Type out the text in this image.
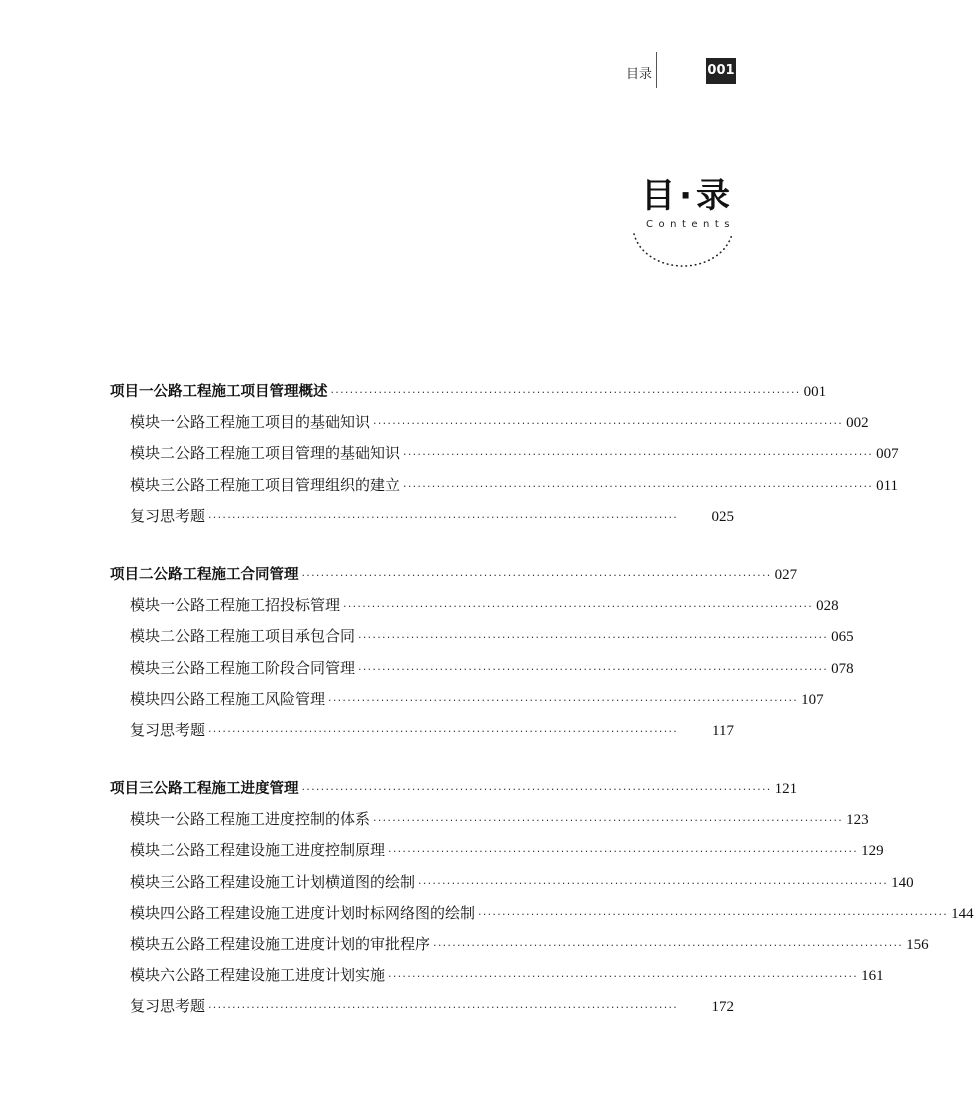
目录	001
目·录
Contents
项目一 公路工程施工项目管理概述 ·································································································· 001
模块一 公路工程施工项目的基础知识 ·································································································· 002
模块二 公路工程施工项目管理的基础知识 ·································································································· 007
模块三 公路工程施工项目管理组织的建立 ·································································································· 011
复习思考题 ··································································································	025
项目二 公路工程施工合同管理 ·································································································· 027
模块一 公路工程施工招投标管理 ·································································································· 028
模块二 公路工程施工项目承包合同 ·································································································· 065
模块三 公路工程施工阶段合同管理 ·································································································· 078
模块四 公路工程施工风险管理 ·································································································· 107
复习思考题 ··································································································	117
项目三 公路工程施工进度管理 ·································································································· 121
模块一 公路工程施工进度控制的体系 ·································································································· 123
模块二 公路工程建设施工进度控制原理 ·································································································· 129
模块三 公路工程建设施工计划横道图的绘制 ·································································································· 140
模块四 公路工程建设施工进度计划时标网络图的绘制 ·································································································· 144
模块五 公路工程建设施工进度计划的审批程序 ·································································································· 156
模块六 公路工程建设施工进度计划实施 ·································································································· 161
复习思考题 ··································································································	172
